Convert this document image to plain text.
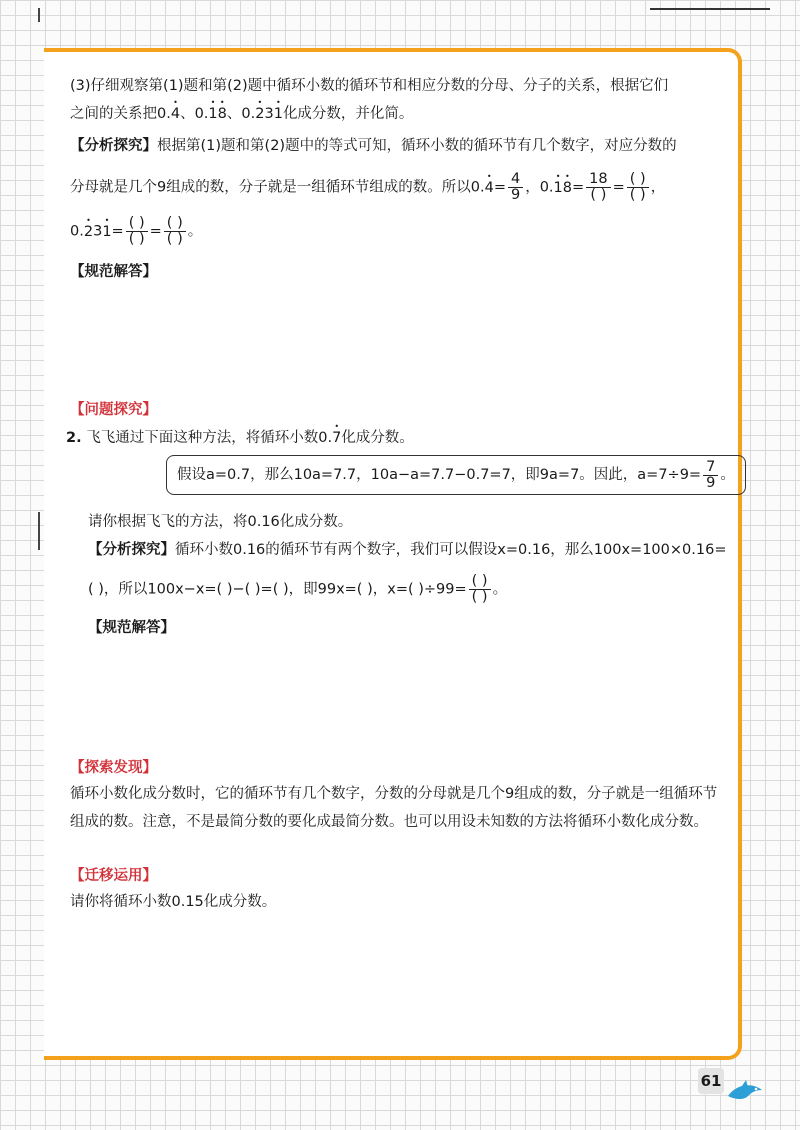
(3)仔细观察第(1)题和第(2)题中循环小数的循环节和相应分数的分母、分子的关系，根据它们
之间的关系把0.• 4、0.• 1• 8、0.• 23• 1化成分数，并化简。
【分析探究】根据第(1)题和第(2)题中的等式可知，循环小数的循环节有几个数字，对应分数的
分母就是几个9组成的数，分子就是一组循环节组成的数。所以0.• $4= \frac{4}{9}$ ，0.• 1• $8= \frac{18}{( )} = \frac{( )}{( )}$ ，
0.• 23• $1= \frac{( )}{( )} = \frac{( )}{( )}$ 。
【规范解答】
【问题探究】
2. 飞飞通过下面这种方法，将循环小数0.• 7化成分数。
假设a=0.7，那么10a=7.7，10a−a=7.7−0.7=7，即9a=7。因此，$a=7\div 9= \frac{7}{9}$ 。
请你根据飞飞的方法，将0.16化成分数。
【分析探究】循环小数0.16的循环节有两个数字，我们可以假设x=0.16，那么100x=100×0.16=
( )，所以100x−x=( )−( )=( )，即99x=( )，x=( )$\div 99= \frac{( )}{( )}$ 。
【规范解答】
【探索发现】
循环小数化成分数时，它的循环节有几个数字，分数的分母就是几个9组成的数，分子就是一组循环节组成的数。注意，不是最简分数的要化成最简分数。也可以用设未知数的方法将循环小数化成分数。
【迁移运用】
请你将循环小数0.15化成分数。
61
